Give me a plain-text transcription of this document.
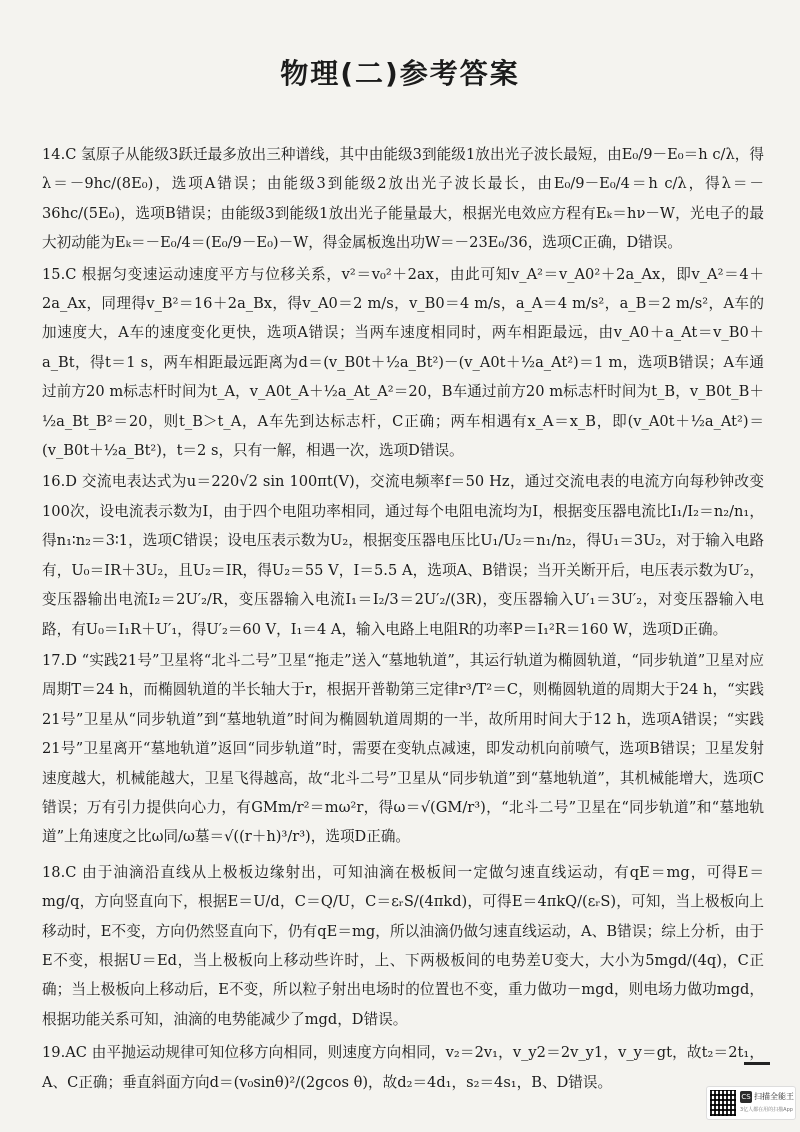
物理(二)参考答案

14.C 氢原子从能级3跃迁最多放出三种谱线，其中由能级3到能级1放出光子波长最短，由E₀/9－E₀＝h c/λ，得λ＝－9hc/(8E₀)，选项A错误；由能级3到能级2放出光子波长最长，由E₀/9－E₀/4＝h c/λ，得λ＝－36hc/(5E₀)，选项B错误；由能级3到能级1放出光子能量最大，根据光电效应方程有Eₖ＝hν－W，光电子的最大初动能为Eₖ＝－E₀/4＝(E₀/9－E₀)－W，得金属板逸出功W＝－23E₀/36，选项C正确，D错误。

15.C 根据匀变速运动速度平方与位移关系，v²＝v₀²＋2ax，由此可知v_A²＝v_A0²＋2a_Ax，即v_A²＝4＋2a_Ax，同理得v_B²＝16＋2a_Bx，得v_A0＝2 m/s，v_B0＝4 m/s，a_A＝4 m/s²，a_B＝2 m/s²，A车的加速度大，A车的速度变化更快，选项A错误；当两车速度相同时，两车相距最远，由v_A0＋a_At＝v_B0＋a_Bt，得t＝1 s，两车相距最远距离为d＝(v_B0t＋½a_Bt²)－(v_A0t＋½a_At²)＝1 m，选项B错误；A车通过前方20 m标志杆时间为t_A，v_A0t_A＋½a_At_A²＝20，B车通过前方20 m标志杆时间为t_B，v_B0t_B＋½a_Bt_B²＝20，则t_B＞t_A，A车先到达标志杆，C正确；两车相遇有x_A＝x_B，即(v_A0t＋½a_At²)＝(v_B0t＋½a_Bt²)，t＝2 s，只有一解，相遇一次，选项D错误。

16.D 交流电表达式为u＝220√2 sin 100πt(V)，交流电频率f＝50 Hz，通过交流电表的电流方向每秒钟改变100次，设电流表示数为I，由于四个电阻功率相同，通过每个电阻电流均为I，根据变压器电流比I₁/I₂＝n₂/n₁，得n₁∶n₂＝3∶1，选项C错误；设电压表示数为U₂，根据变压器电压比U₁/U₂＝n₁/n₂，得U₁＝3U₂，对于输入电路有，U₀＝IR＋3U₂，且U₂＝IR，得U₂＝55 V，I＝5.5 A，选项A、B错误；当开关断开后，电压表示数为U′₂，变压器输出电流I₂＝2U′₂/R，变压器输入电流I₁＝I₂/3＝2U′₂/(3R)，变压器输入U′₁＝3U′₂，对变压器输入电路，有U₀＝I₁R＋U′₁，得U′₂＝60 V，I₁＝4 A，输入电路上电阻R的功率P＝I₁²R＝160 W，选项D正确。

17.D “实践21号”卫星将“北斗二号”卫星“拖走”送入“墓地轨道”，其运行轨道为椭圆轨道，“同步轨道”卫星对应周期T＝24 h，而椭圆轨道的半长轴大于r，根据开普勒第三定律r³/T²＝C，则椭圆轨道的周期大于24 h，“实践21号”卫星从“同步轨道”到“墓地轨道”时间为椭圆轨道周期的一半，故所用时间大于12 h，选项A错误；“实践21号”卫星离开“墓地轨道”返回“同步轨道”时，需要在变轨点减速，即发动机向前喷气，选项B错误；卫星发射速度越大，机械能越大，卫星飞得越高，故“北斗二号”卫星从“同步轨道”到“墓地轨道”，其机械能增大，选项C错误；万有引力提供向心力，有GMm/r²＝mω²r，得ω＝√(GM/r³)，“北斗二号”卫星在“同步轨道”和“墓地轨道”上角速度之比ω同/ω墓＝√((r＋h)³/r³)，选项D正确。

18.C 由于油滴沿直线从上极板边缘射出，可知油滴在极板间一定做匀速直线运动，有qE＝mg，可得E＝mg/q，方向竖直向下，根据E＝U/d，C＝Q/U，C＝εᵣS/(4πkd)，可得E＝4πkQ/(εᵣS)，可知，当上极板向上移动时，E不变，方向仍然竖直向下，仍有qE＝mg，所以油滴仍做匀速直线运动，A、B错误；综上分析，由于E不变，根据U＝Ed，当上极板向上移动些许时，上、下两极板间的电势差U变大，大小为5mgd/(4q)，C正确；当上极板向上移动后，E不变，所以粒子射出电场时的位置也不变，重力做功－mgd，则电场力做功mgd，根据功能关系可知，油滴的电势能减少了mgd，D错误。

19.AC 由平抛运动规律可知位移方向相同，则速度方向相同，v₂＝2v₁，v_y2＝2v_y1，v_y＝gt，故t₂＝2t₁，A、C正确；垂直斜面方向d＝(v₀sinθ)²/(2gcos θ)，故d₂＝4d₁，s₂＝4s₁，B、D错误。

CS 扫描全能王
3亿人都在用的扫描App
